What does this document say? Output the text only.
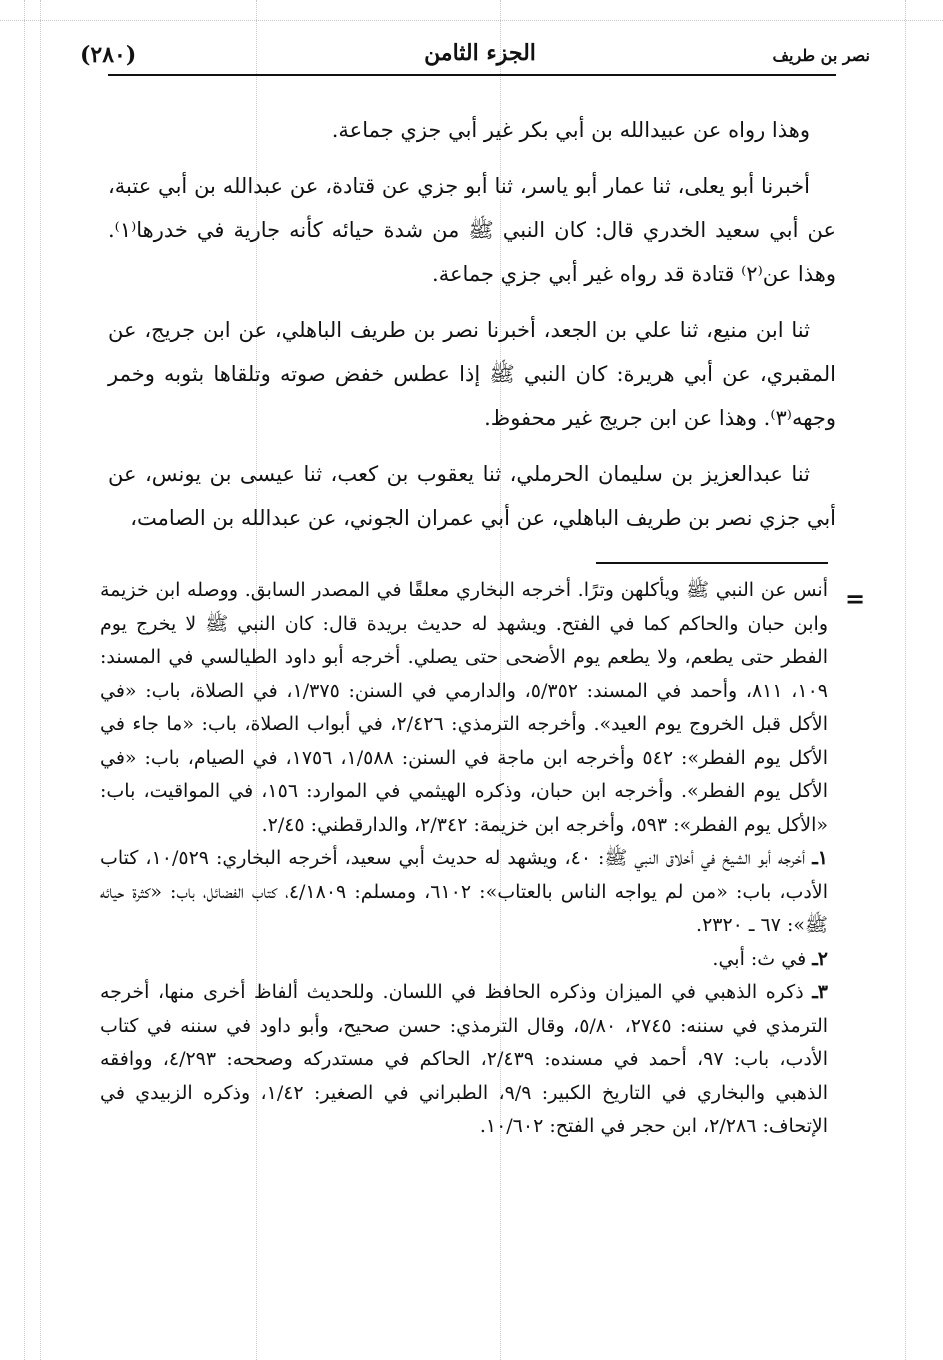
(٢٨٠)	الجزء الثامن	نصر بن طريف

وهذا رواه عن عبيدالله بن أبي بكر غير أبي جزي جماعة.

أخبرنا أبو يعلى، ثنا عمار أبو ياسر، ثنا أبو جزي عن قتادة، عن عبدالله بن أبي عتبة، عن أبي سعيد الخدري قال: كان النبي ﷺ من شدة حيائه كأنه جارية في خدرها⁽١⁾. وهذا عن⁽٢⁾ قتادة قد رواه غير أبي جزي جماعة.

ثنا ابن منيع، ثنا علي بن الجعد، أخبرنا نصر بن طريف الباهلي، عن ابن جريج، عن المقبري، عن أبي هريرة: كان النبي ﷺ إذا عطس خفض صوته وتلقاها بثوبه وخمر وجهه⁽٣⁾. وهذا عن ابن جريج غير محفوظ.

ثنا عبدالعزيز بن سليمان الحرملي، ثنا يعقوب بن كعب، ثنا عيسى بن يونس، عن أبي جزي نصر بن طريف الباهلي، عن أبي عمران الجوني، عن عبدالله بن الصامت،

=

أنس عن النبي ﷺ ويأكلهن وترًا. أخرجه البخاري معلقًا في المصدر السابق. ووصله ابن خزيمة وابن حبان والحاكم كما في الفتح. ويشهد له حديث بريدة قال: كان النبي ﷺ لا يخرج يوم الفطر حتى يطعم، ولا يطعم يوم الأضحى حتى يصلي. أخرجه أبو داود الطيالسي في المسند: ١٠٩، ٨١١، وأحمد في المسند: ٥/٣٥٢، والدارمي في السنن: ١/٣٧٥، في الصلاة، باب: «في الأكل قبل الخروج يوم العيد». وأخرجه الترمذي: ٢/٤٢٦، في أبواب الصلاة، باب: «ما جاء في الأكل يوم الفطر»: ٥٤٢ وأخرجه ابن ماجة في السنن: ١/٥٨٨، ١٧٥٦، في الصيام، باب: «في الأكل يوم الفطر». وأخرجه ابن حبان، وذكره الهيثمي في الموارد: ١٥٦، في المواقيت، باب: «الأكل يوم الفطر»: ٥٩٣، وأخرجه ابن خزيمة: ٢/٣٤٢، والدارقطني: ٢/٤٥.

١ـ أخرجه أبو الشيخ في أخلاق النبي ﷺ: ٤٠، ويشهد له حديث أبي سعيد، أخرجه البخاري: ١٠/٥٢٩، كتاب الأدب، باب: «من لم يواجه الناس بالعتاب»: ٦١٠٢، ومسلم: ٤/١٨٠٩، كتاب الفضائل، باب: «كثرة حيائه ﷺ»: ٦٧ ـ ٢٣٢٠.

٢ـ في ث: أبي.

٣ـ ذكره الذهبي في الميزان وذكره الحافظ في اللسان. وللحديث ألفاظ أخرى منها، أخرجه الترمذي في سننه: ٢٧٤٥، ٥/٨٠، وقال الترمذي: حسن صحيح، وأبو داود في سننه في كتاب الأدب، باب: ٩٧، أحمد في مسنده: ٢/٤٣٩، الحاكم في مستدركه وصححه: ٤/٢٩٣، ووافقه الذهبي والبخاري في التاريخ الكبير: ٩/٩، الطبراني في الصغير: ١/٤٢، وذكره الزبيدي في الإتحاف: ٢/٢٨٦، ابن حجر في الفتح: ١٠/٦٠٢.
